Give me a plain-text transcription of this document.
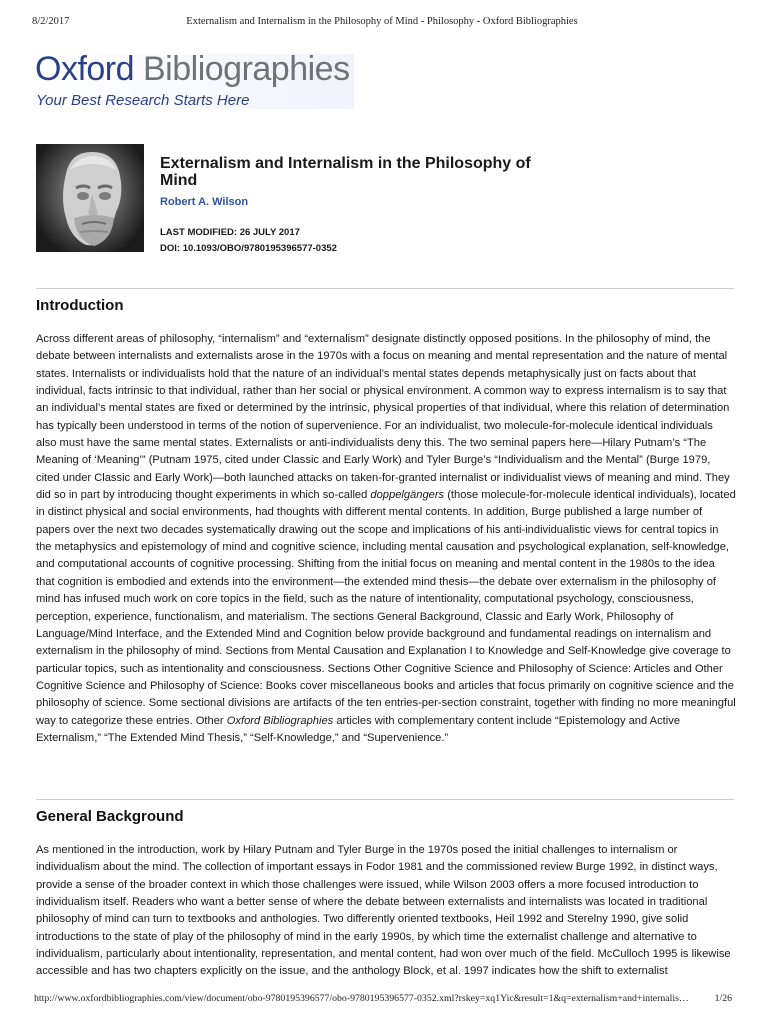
8/2/2017	Externalism and Internalism in the Philosophy of Mind - Philosophy - Oxford Bibliographies
Oxford Bibliographies
Your Best Research Starts Here
Externalism and Internalism in the Philosophy of Mind
Robert A. Wilson
LAST MODIFIED: 26 JULY 2017
DOI: 10.1093/OBO/9780195396577-0352
Introduction

Across different areas of philosophy, “internalism” and “externalism” designate distinctly opposed positions. In the philosophy of mind, the debate between internalists and externalists arose in the 1970s with a focus on meaning and mental representation and the nature of mental states. Internalists or individualists hold that the nature of an individual’s mental states depends metaphysically just on facts about that individual, facts intrinsic to that individual, rather than her social or physical environment. A common way to express internalism is to say that an individual’s mental states are fixed or determined by the intrinsic, physical properties of that individual, where this relation of determination has typically been understood in terms of the notion of supervenience. For an individualist, two molecule-for-molecule identical individuals also must have the same mental states. Externalists or anti-individualists deny this. The two seminal papers here—Hilary Putnam’s “The Meaning of ‘Meaning’” (Putnam 1975, cited under Classic and Early Work) and Tyler Burge’s “Individualism and the Mental” (Burge 1979, cited under Classic and Early Work)—both launched attacks on taken-for-granted internalist or individualist views of meaning and mind. They did so in part by introducing thought experiments in which so-called doppelgängers (those molecule-for-molecule identical individuals), located in distinct physical and social environments, had thoughts with different mental contents. In addition, Burge published a large number of papers over the next two decades systematically drawing out the scope and implications of his anti-individualistic views for central topics in the metaphysics and epistemology of mind and cognitive science, including mental causation and psychological explanation, self-knowledge, and computational accounts of cognitive processing. Shifting from the initial focus on meaning and mental content in the 1980s to the idea that cognition is embodied and extends into the environment—the extended mind thesis—the debate over externalism in the philosophy of mind has infused much work on core topics in the field, such as the nature of intentionality, computational psychology, consciousness, perception, experience, functionalism, and materialism. The sections General Background, Classic and Early Work, Philosophy of Language/Mind Interface, and the Extended Mind and Cognition below provide background and fundamental readings on internalism and externalism in the philosophy of mind. Sections from Mental Causation and Explanation I to Knowledge and Self-Knowledge give coverage to particular topics, such as intentionality and consciousness. Sections Other Cognitive Science and Philosophy of Science: Articles and Other Cognitive Science and Philosophy of Science: Books cover miscellaneous books and articles that focus primarily on cognitive science and the philosophy of science. Some sectional divisions are artifacts of the ten entries-per-section constraint, together with finding no more meaningful way to categorize these entries. Other Oxford Bibliographies articles with complementary content include “Epistemology and Active Externalism,” “The Extended Mind Thesis,” “Self-Knowledge,” and “Supervenience.”

General Background

As mentioned in the introduction, work by Hilary Putnam and Tyler Burge in the 1970s posed the initial challenges to internalism or individualism about the mind. The collection of important essays in Fodor 1981 and the commissioned review Burge 1992, in distinct ways, provide a sense of the broader context in which those challenges were issued, while Wilson 2003 offers a more focused introduction to individualism itself. Readers who want a better sense of where the debate between externalists and internalists was located in traditional philosophy of mind can turn to textbooks and anthologies. Two differently oriented textbooks, Heil 1992 and Sterelny 1990, give solid introductions to the state of play of the philosophy of mind in the early 1990s, by which time the externalist challenge and alternative to individualism, particularly about intentionality, representation, and mental content, had won over much of the field. McCulloch 1995 is likewise accessible and has two chapters explicitly on the issue, and the anthology Block, et al. 1997 indicates how the shift to externalist

http://www.oxfordbibliographies.com/view/document/obo-9780195396577/obo-9780195396577-0352.xml?rskey=xq1Yic&result=1&q=externalism+and+internalis…	1/26
